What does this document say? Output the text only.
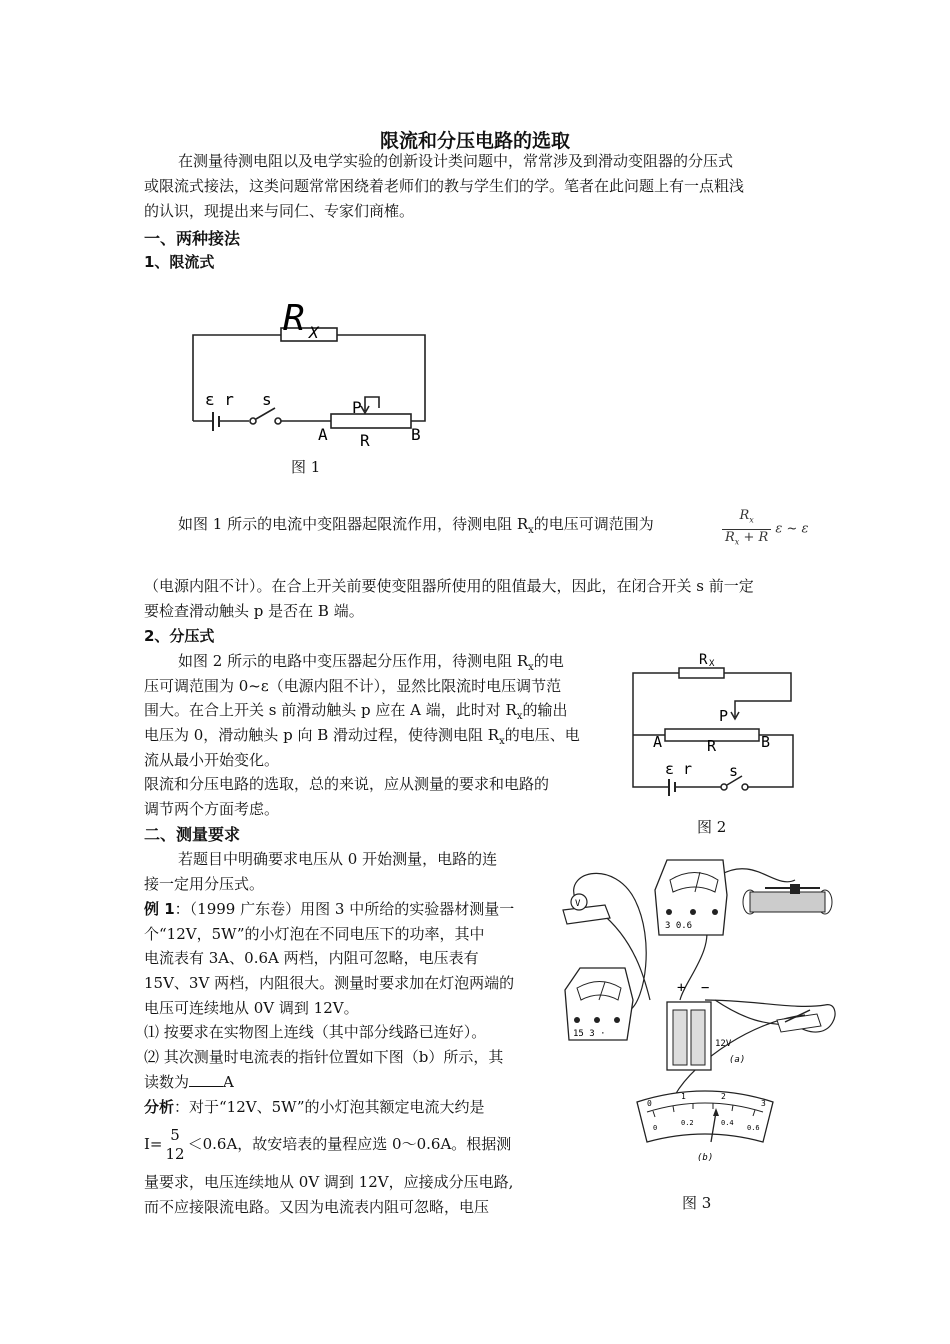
限流和分压电路的选取
在测量待测电阻以及电学实验的创新设计类问题中，常常涉及到滑动变阻器的分压式
或限流式接法，这类问题常常困绕着老师们的教与学生们的学。笔者在此问题上有一点粗浅
的认识，现提出来与同仁、专家们商榷。
一、两种接法
1、限流式
R X
ε r s	P
A R	B
图 1
如图 1 所示的电流中变阻器起限流作用，待测电阻 $R_x$的电压可调范围为	$\frac{R_x}{R_x + R}$ ε ~ ε
（电源内阻不计）。在合上开关前要使变阻器所使用的阻值最大，因此，在闭合开关 s 前一定
要检查滑动触头 p 是否在 B 端。
2、分压式
如图 2 所示的电路中变压器起分压作用，待测电阻 $R_x$的电
压可调范围为 0~ε（电源内阻不计），显然比限流时电压调节范
围大。在合上开关 s 前滑动触头 p 应在 A 端，此时对 $R_x$的输出
电压为 0，滑动触头 p 向 B 滑动过程，使待测电阻 $R_x$的电压、电
流从最小开始变化。
限流和分压电路的选取，总的来说，应从测量的要求和电路的
调节两个方面考虑。
R X
P
A	R	B
ε r s
图 2
二、测量要求
若题目中明确要求电压从 0 开始测量，电路的连
接一定用分压式。
例 1：（1999 广东卷）用图 3 中所给的实验器材测量一
个“12V，5W”的小灯泡在不同电压下的功率，其中
电流表有 3A、0.6A 两档，内阻可忽略，电压表有
15V、3V 两档，内阻很大。测量时要求加在灯泡两端的
电压可连续地从 0V 调到 12V。
⑴ 按要求在实物图上连线（其中部分线路已连好）。
⑵ 其次测量时电流表的指针位置如下图（b）所示，其
读数为 A
分析：对于“12V、5W”的小灯泡其额定电流大约是
I= 5
12
＜0.6A，故安培表的量程应选 0～0.6A。根据测
量要求，电压连续地从 0V 调到 12V，应接成分压电路,
而不应接限流电路。又因为电流表内阻可忽略，电压
V
3 0.6
15 3 ·
+ −
12V
(a)
0
1	2
3
0
0.2	0.4
0.6
(b)
图 3
